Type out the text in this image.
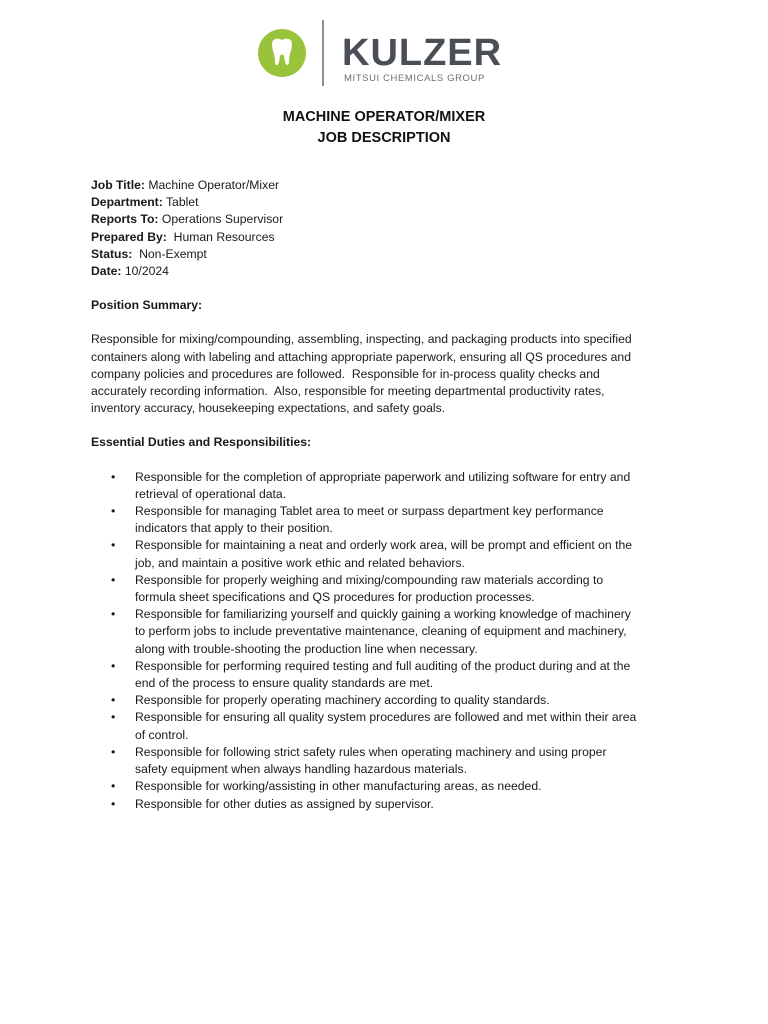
KULZER
MITSUI CHEMICALS GROUP
MACHINE OPERATOR/MIXER
JOB DESCRIPTION
Job Title: Machine Operator/Mixer
Department: Tablet
Reports To: Operations Supervisor
Prepared By:  Human Resources
Status:  Non-Exempt
Date: 10/2024
Position Summary:
Responsible for mixing/compounding, assembling, inspecting, and packaging products into specified
containers along with labeling and attaching appropriate paperwork, ensuring all QS procedures and
company policies and procedures are followed.  Responsible for in-process quality checks and
accurately recording information.  Also, responsible for meeting departmental productivity rates,
inventory accuracy, housekeeping expectations, and safety goals.
Essential Duties and Responsibilities:
• Responsible for the completion of appropriate paperwork and utilizing software for entry and
retrieval of operational data.
• Responsible for managing Tablet area to meet or surpass department key performance
indicators that apply to their position.
• Responsible for maintaining a neat and orderly work area, will be prompt and efficient on the
job, and maintain a positive work ethic and related behaviors.
• Responsible for properly weighing and mixing/compounding raw materials according to
formula sheet specifications and QS procedures for production processes.
• Responsible for familiarizing yourself and quickly gaining a working knowledge of machinery
to perform jobs to include preventative maintenance, cleaning of equipment and machinery,
along with trouble-shooting the production line when necessary.
• Responsible for performing required testing and full auditing of the product during and at the
end of the process to ensure quality standards are met.
• Responsible for properly operating machinery according to quality standards.
• Responsible for ensuring all quality system procedures are followed and met within their area
of control.
• Responsible for following strict safety rules when operating machinery and using proper
safety equipment when always handling hazardous materials.
• Responsible for working/assisting in other manufacturing areas, as needed.
• Responsible for other duties as assigned by supervisor.
